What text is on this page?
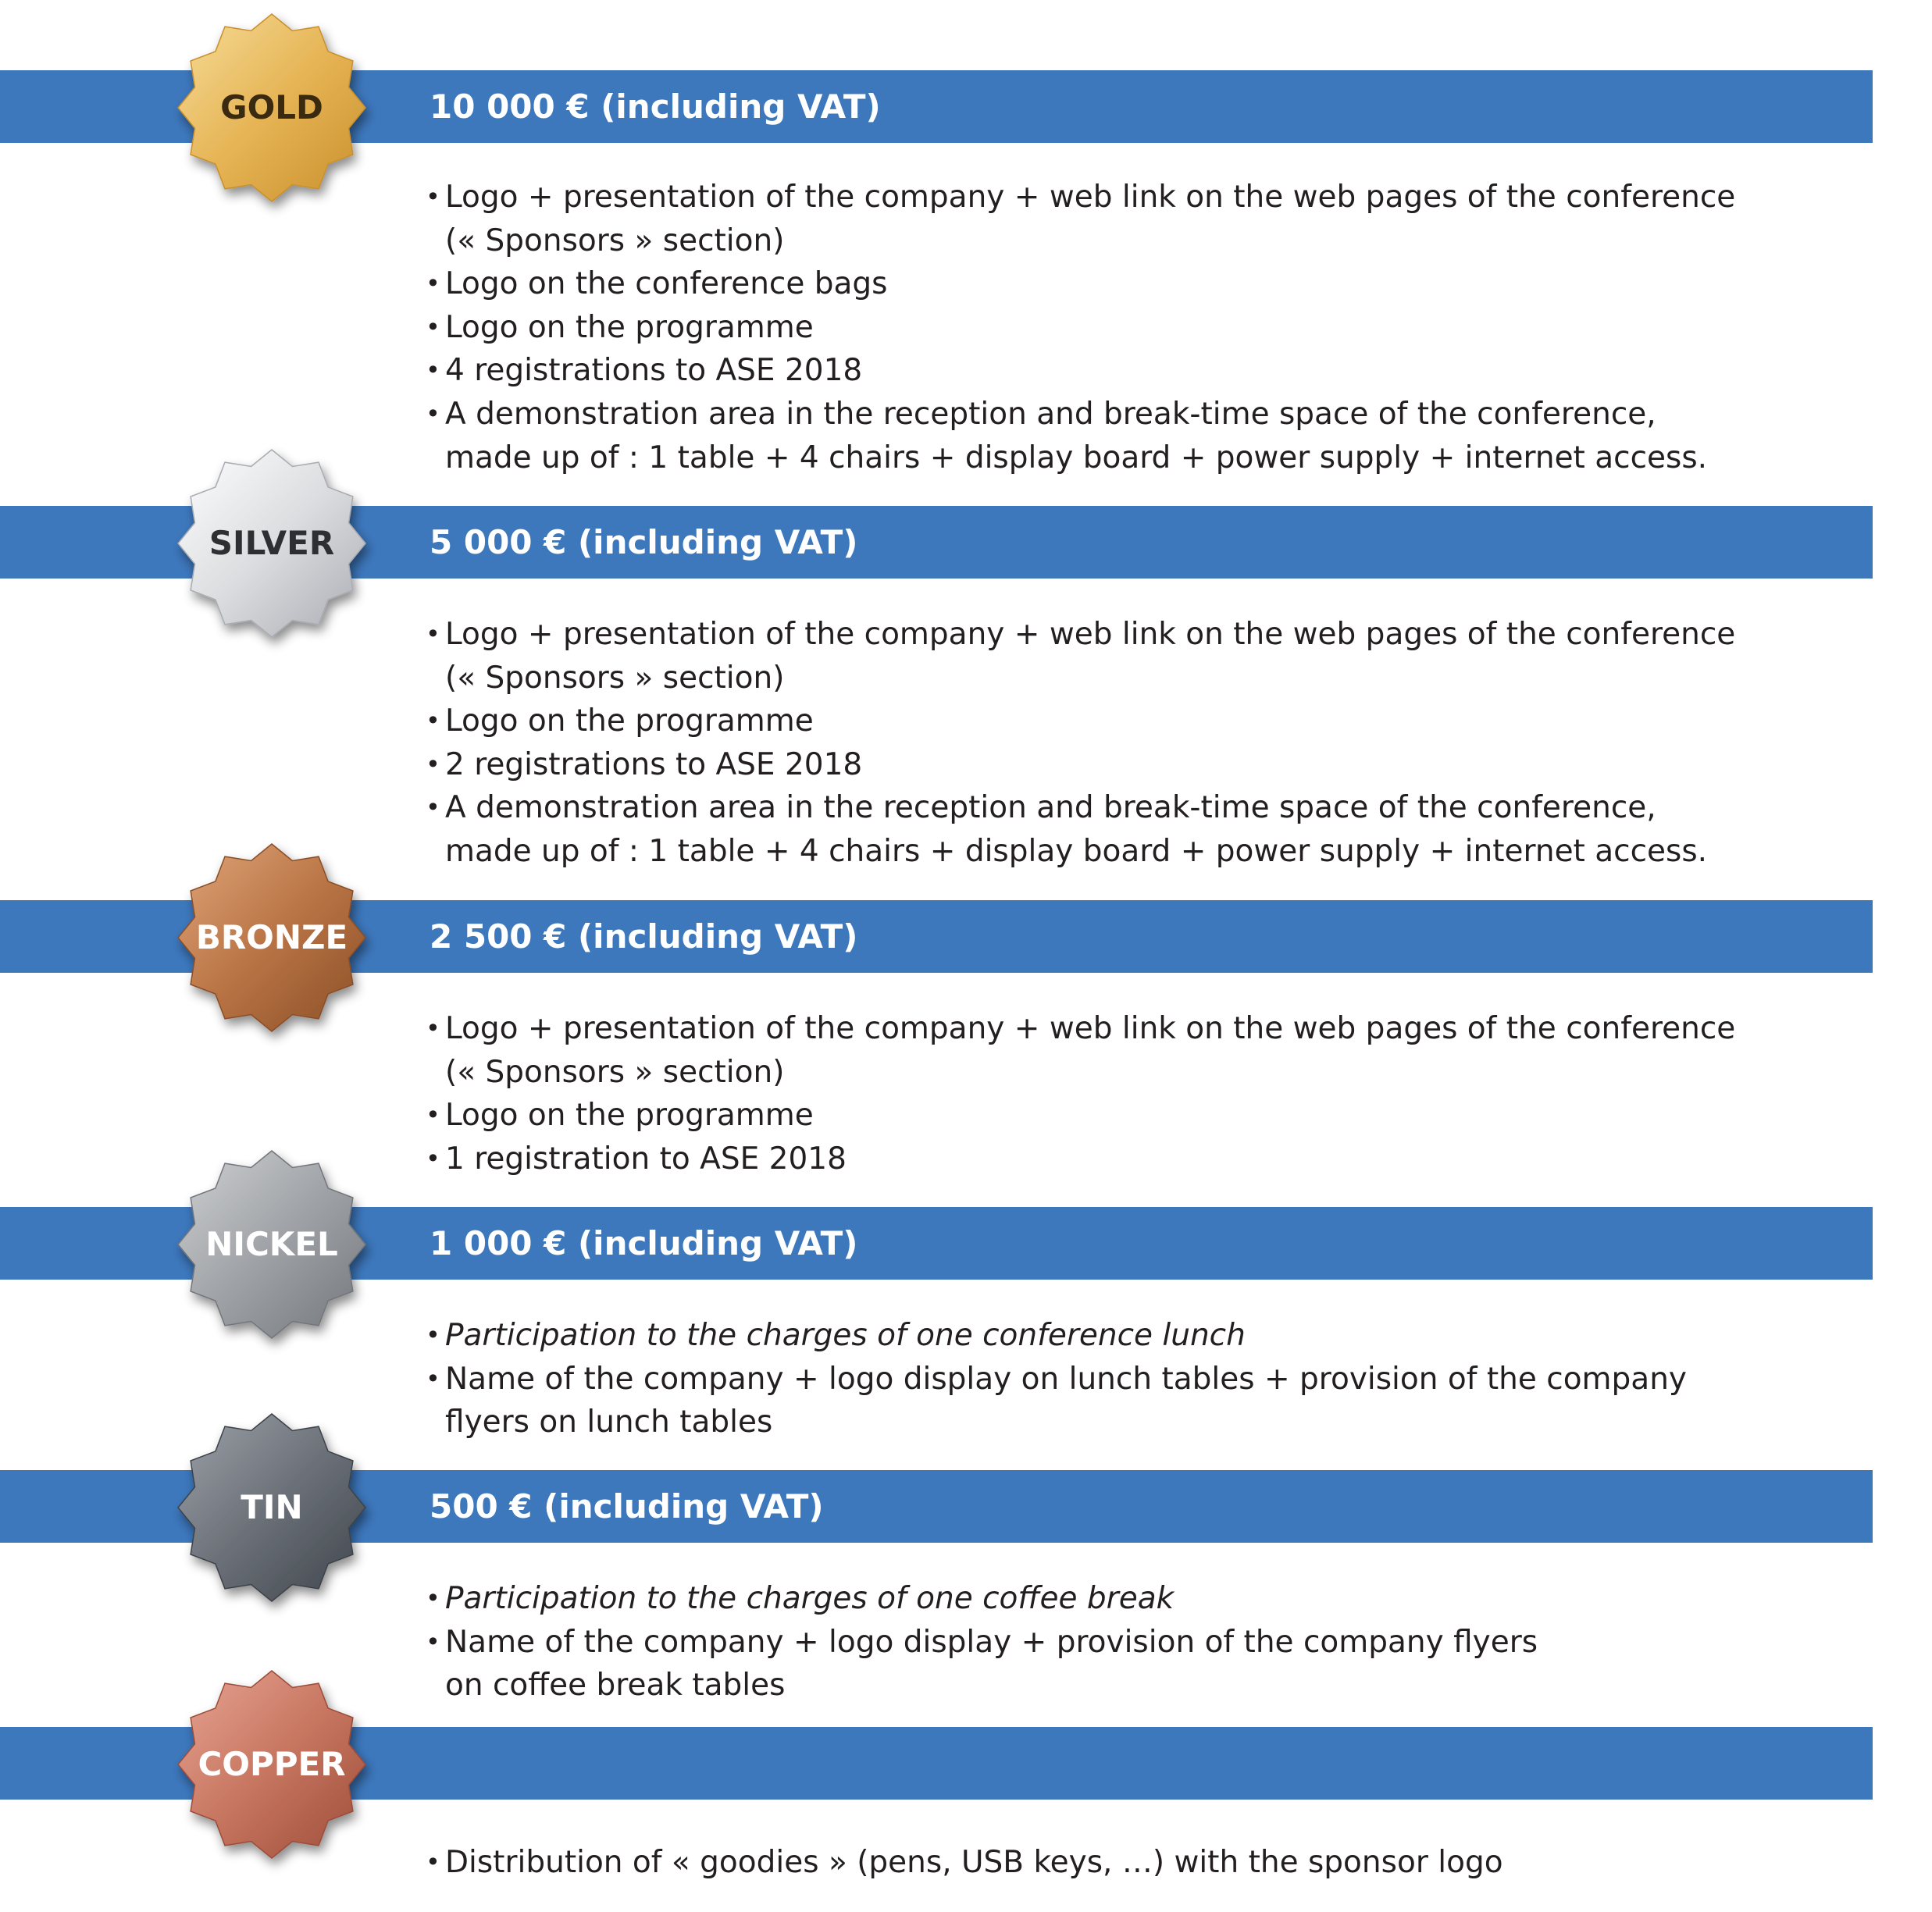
10 000 € (including VAT)
GOLD
• Logo + presentation of the company + web link on the web pages of the conference
(« Sponsors » section)
• Logo on the conference bags
• Logo on the programme
• 4 registrations to ASE 2018
• A demonstration area in the reception and break-time space of the conference,
made up of : 1 table + 4 chairs + display board + power supply + internet access.
5 000 € (including VAT)
SILVER
• Logo + presentation of the company + web link on the web pages of the conference
(« Sponsors » section)
• Logo on the programme
• 2 registrations to ASE 2018
• A demonstration area in the reception and break-time space of the conference,
made up of : 1 table + 4 chairs + display board + power supply + internet access.
2 500 € (including VAT)
BRONZE
• Logo + presentation of the company + web link on the web pages of the conference
(« Sponsors » section)
• Logo on the programme
• 1 registration to ASE 2018
1 000 € (including VAT)
NICKEL
• Participation to the charges of one conference lunch
• Name of the company + logo display on lunch tables + provision of the company
flyers on lunch tables
500 € (including VAT)
TIN
• Participation to the charges of one coffee break
• Name of the company + logo display + provision of the company flyers
on coffee break tables
COPPER
• Distribution of « goodies » (pens, USB keys, …) with the sponsor logo
